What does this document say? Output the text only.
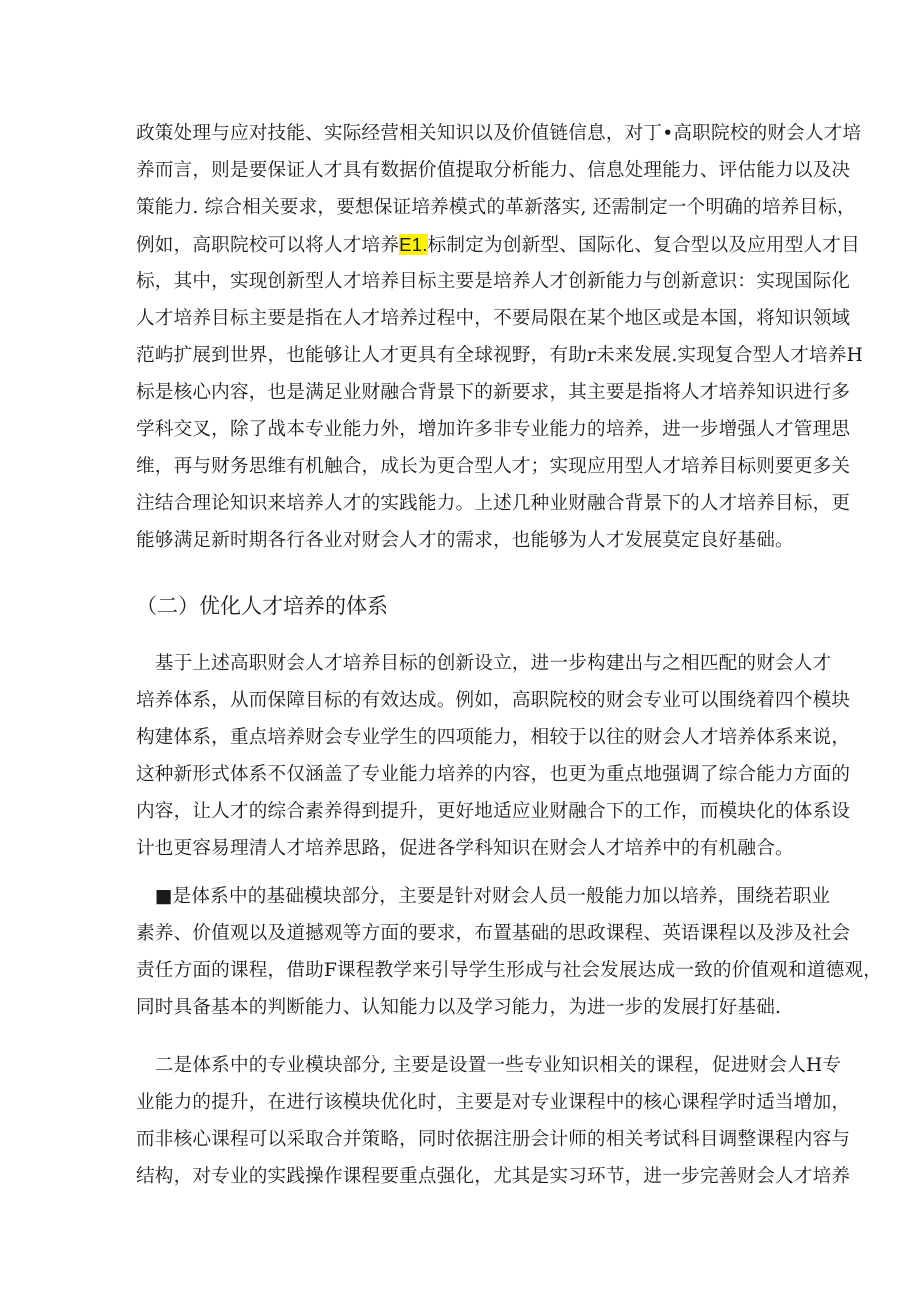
政策处理与应对技能、实际经营相关知识以及价值链信息，对丁•高职院校的财会人才培
养而言，则是要保证人才具有数据价值提取分析能力、信息处理能力、评估能力以及决
策能力. 综合相关要求，要想保证培养模式的革新落实, 还需制定一个明确的培养目标，
例如，高职院校可以将人才培养E1.标制定为创新型、国际化、复合型以及应用型人才目
标，其中，实现创新型人才培养目标主要是培养人才创新能力与创新意识：实现国际化
人才培养目标主要是指在人才培养过程中，不要局限在某个地区或是本国，将知识领域
范屿扩展到世界，也能够让人才更具有全球视野，有助r未来发展.实现复合型人才培养H
标是核心内容，也是满足业财融合背景下的新要求，其主要是指将人才培养知识进行多
学科交叉，除了战本专业能力外，增加许多非专业能力的培养，进一步增强人才管理思
维，再与财务思维有机触合，成长为更合型人才；实现应用型人才培养目标则要更多关
注结合理论知识来培养人才的实践能力。上述几种业财融合背景下的人才培养目标，更
能够满足新时期各行各业对财会人才的需求，也能够为人才发展莫定良好基础。
（二）优化人才培养的体系
　基于上述高职财会人才培养目标的创新设立，进一步构建出与之相匹配的财会人才
培养体系，从而保障目标的有效达成。例如，高职院校的财会专业可以围绕着四个模块
构建体系，重点培养财会专业学生的四项能力，相较于以往的财会人才培养体系来说，
这种新形式体系不仅涵盖了专业能力培养的内容，也更为重点地强调了综合能力方面的
内容，让人才的综合素养得到提升，更好地适应业财融合下的工作，而模块化的体系设
计也更容易理清人才培养思路，促进各学科知识在财会人才培养中的有机融合。
　■是体系中的基础模块部分，主要是针对财会人员一般能力加以培养，围绕若职业
素养、价值观以及道撼观等方面的要求，布置基础的思政课程、英语课程以及涉及社会
责任方面的课程，借助F课程教学来引导学生形成与社会发展达成一致的价值观和道德观，
同时具备基本的判断能力、认知能力以及学习能力，为进一步的发展打好基础.
　二是体系中的专业模块部分, 主要是设置一些专业知识相关的课程，促进财会人H专
业能力的提升，在进行该模块优化时，主要是对专业课程中的核心课程学时适当增加，
而非核心课程可以采取合并策略，同时依据注册会计师的相关考试科目调整课程内容与
结构，对专业的实践操作课程要重点强化，尤其是实习环节，进一步完善财会人才培养
